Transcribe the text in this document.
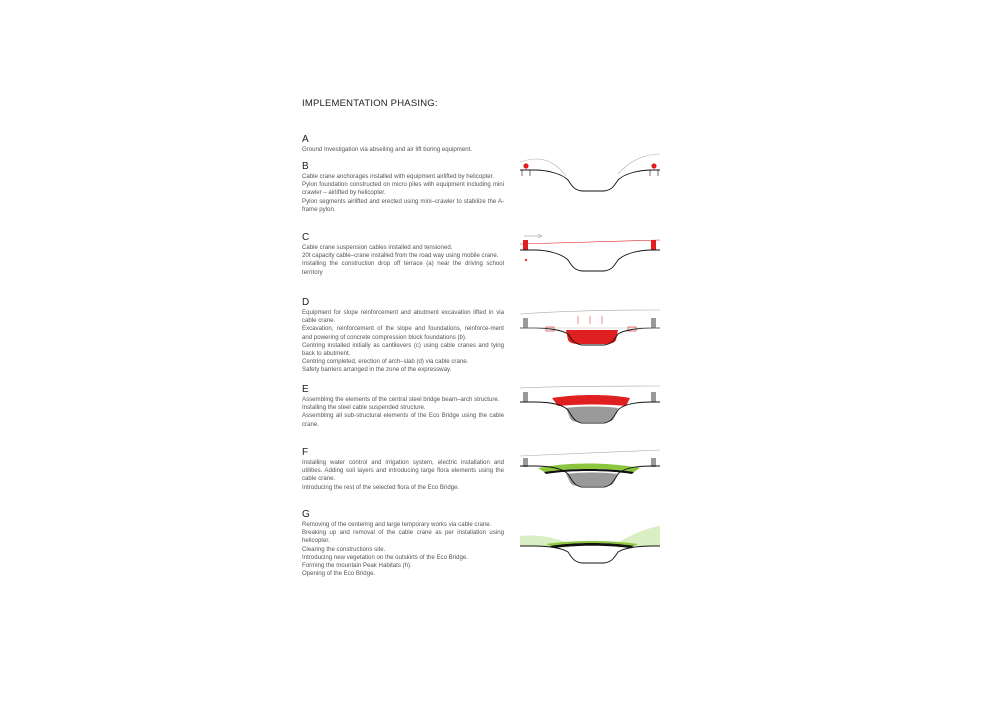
IMPLEMENTATION PHASING:
A
Ground Investigation via abseiling and air lift boring equipment.
B
Cable crane anchorages installed with equipment airlifted by helicopter.
Pylon foundation constructed on micro piles with equipment including mini crawler – airlifted by helicopter.
Pylon segments airlifted and erected using mini–crawler to stabilize the A-frame pylon.
C
Cable crane suspension cables installed and tensioned.
20t capacity cable–crane installed from the road way using mobile crane.
Installing the construction drop off terrace (a) near the driving school territory
D
Equipment for slope reinforcement and abutment excavation lifted in via cable crane.
Excavation, reinforcement of the slope and foundations, reinforce-ment and powering of concrete compression block foundations (b).
Centring installed initially as cantilevers (c) using cable cranes and tying back to abutment.
Centring completed, erection of arch–slab (d) via cable crane.
Safety barriers arranged in the zone of the expressway.
E
Assembling the elements of the central steel bridge beam–arch structure.
Installing the steel cable suspended structure.
Assembling all sub-structural elements of the Eco Bridge using the cable crane.
F
Installing water control and irrigation system, electric installation and utilities. Adding soil layers and introducing large flora elements using the cable crane.
Introducing the rest of the selected flora of the Eco Bridge.
G
Removing of the centering and large temporary works via cable crane.
Breaking up and removal of the cable crane as per installation using helicopter.
Clearing the constructions site.
Introducing new vegetation on the outskirts of the Eco Bridge.
Forming the mountain Peak Habitats (h).
Opening of the Eco Bridge.
